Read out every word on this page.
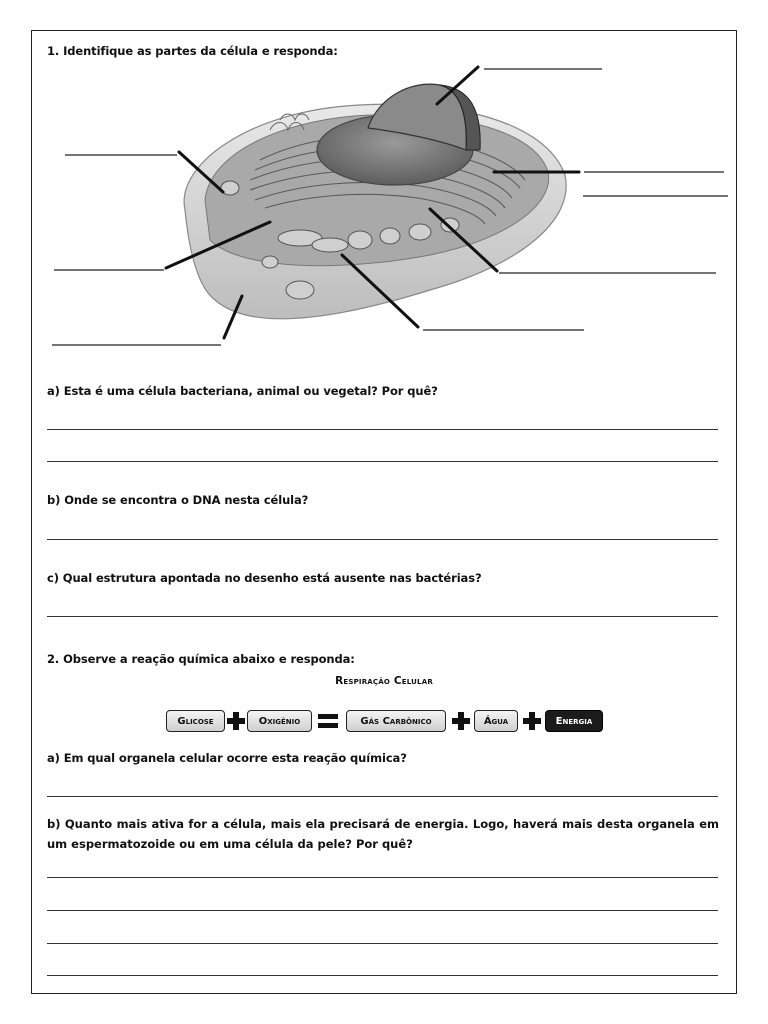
1. Identifique as partes da célula e responda:
a) Esta é uma célula bacteriana, animal ou vegetal? Por quê?
b) Onde se encontra o DNA nesta célula?
c) Qual estrutura apontada no desenho está ausente nas bactérias?
2. Observe a reação química abaixo e responda:
Respiração Celular
Glicose	Oxigênio	Gás Carbônico	Água	Energia
a) Em qual organela celular ocorre esta reação química?
b) Quanto mais ativa for a célula, mais ela precisará de energia. Logo, haverá mais desta organela em um espermatozoide ou em uma célula da pele? Por quê?
